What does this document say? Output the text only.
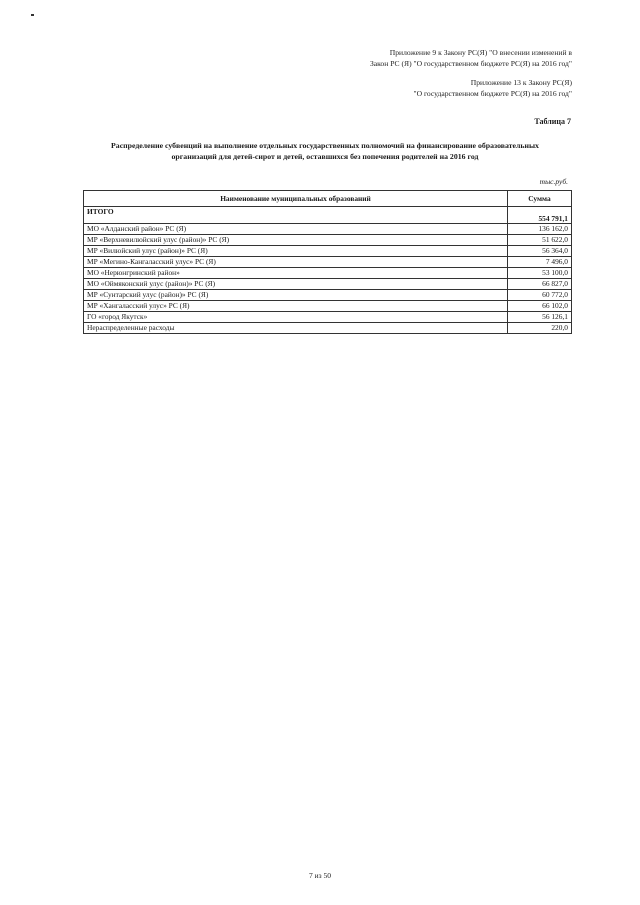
Приложение 9 к Закону РС(Я) "О внесении изменений в
Закон РС (Я) "О государственном бюджете РС(Я) на 2016 год"
Приложение 13 к Закону РС(Я)
"О государственном бюджете РС(Я) на 2016 год"
Таблица 7
Распределение субвенций на выполнение отдельных государственных полномочий на финансирование образовательных
организаций для детей-сирот и детей, оставшихся без попечения родителей на 2016 год
тыс.руб.
Наименование муниципальных образований	Сумма
ИТОГО	554 791,1
МО «Алданский район» РС (Я)	136 162,0
МР «Верхневилюйский улус (район)» РС (Я)	51 622,0
МР «Вилюйский улус (район)» РС (Я)	56 364,0
МР «Мегино-Кангаласский улус» РС (Я)	7 496,0
МО «Нерюнгринский район»	53 100,0
МО «Оймяконский улус (район)» РС (Я)	66 827,0
МР «Сунтарский улус (район)» РС (Я)	60 772,0
МР «Хангаласский улус» РС (Я)	66 102,0
ГО «город Якутск»	56 126,1
Нераспределенные расходы	220,0
7 из 50
